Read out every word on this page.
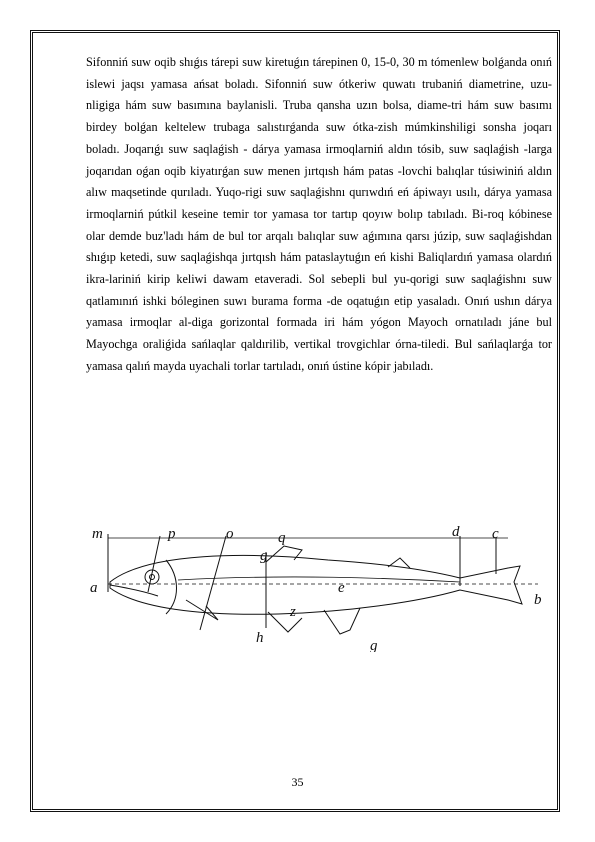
Sifonniń suw oqib shıǵıs tárepi suw kiretuǵın tárepinen 0, 15-0, 30 m tómenlew bolǵanda onıń islewi jaqsı yamasa ańsat boladı. Sifonniń suw ótkeriw quwatı trubaniń diametrine, uzu-nligiga hám suw basımına baylanisli. Truba qansha uzın bolsa, diame-tri hám suw basımı birdey bolǵan keltelew trubaga salıstırǵanda suw ótka-zish múmkinshiligi sonsha joqarı boladı. Joqarıǵı suw saqlaǵish - dárya yamasa irmoqlarniń aldın tósib, suw saqlaǵish -larga joqarıdan oǵan oqib kiyatırǵan suw menen jırtqısh hám patas -lovchi balıqlar túsiwiniń aldın alıw maqsetinde qurıladı. Yuqo-rigi suw saqlaǵishnı qurıwdıń eń ápiwayı usılı, dárya yamasa irmoqlarniń pútkil keseine temir tor yamasa tor tartıp qoyıw bolıp tabıladı. Bi-roq kóbinese olar demde buz'ladı hám de bul tor arqalı balıqlar suw aǵımına qarsı júzip, suw saqlaǵishdan shıǵıp ketedi, suw saqlaǵishqa jırtqısh hám pataslaytuǵın eń kishi Baliqlardıń yamasa olardıń ikra-lariniń kirip keliwi dawam etaveradi. Sol sebepli bul yu-qorigi suw saqlaǵishnı suw qatlamınıń ishki bóleginen suwı burama forma -de oqatuǵın etip yasaladı. Onıń ushın dárya yamasa irmoqlar al-diga gorizontal formada iri hám yógon Mayoch ornatıladı jáne bul Mayochga oraliǵida sańlaqlar qaldırilib, vertikal trovgichlar órna-tiledi. Bul sańlaqlarǵa tor yamasa qalıń mayda uyachali torlar tartıladı, onıń ústine kópir jabıladı.

m	p	o	q
g
d c
a	e
b
z
h	g
35
